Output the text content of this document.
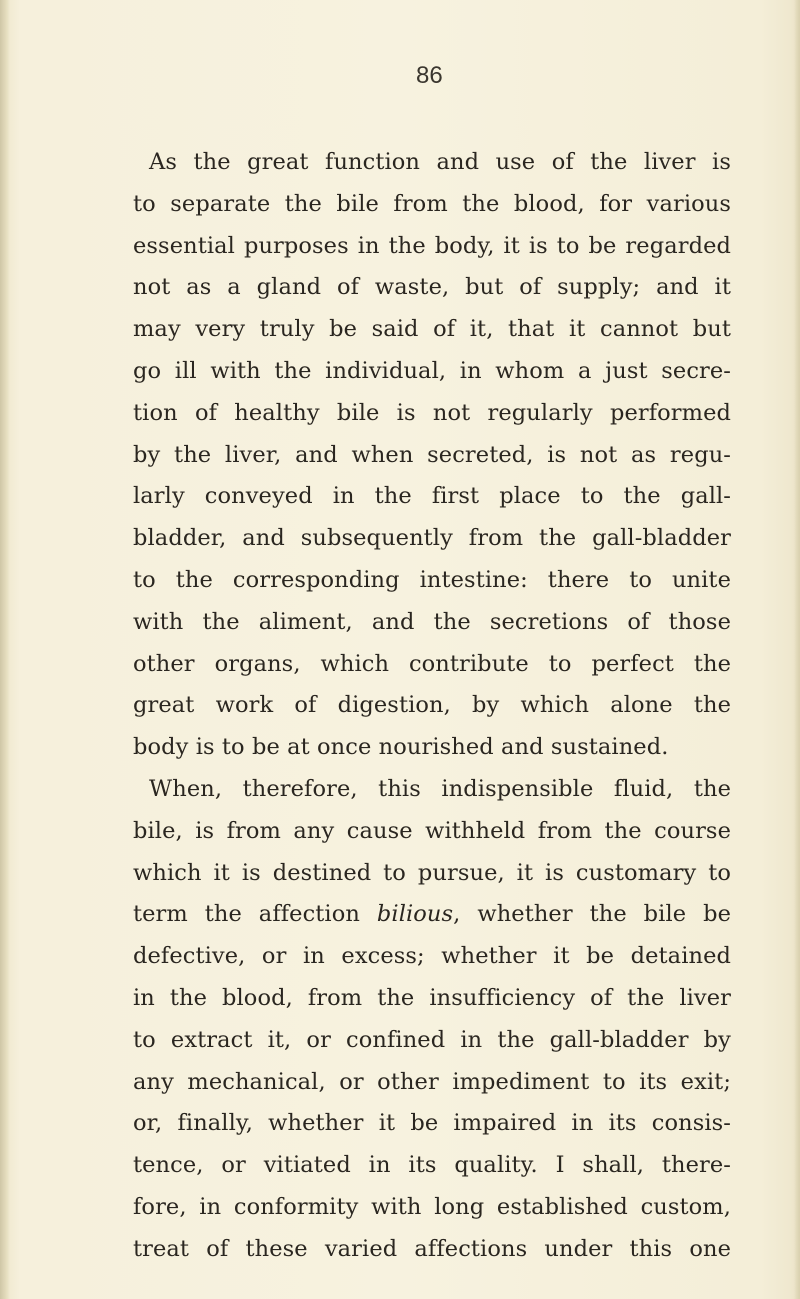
86
As the great function and use of the liver is
to separate the bile from the blood, for various
essential purposes in the body, it is to be regarded
not as a gland of waste, but of supply; and it
may very truly be said of it, that it cannot but
go ill with the individual, in whom a just secre-
tion of healthy bile is not regularly performed
by the liver, and when secreted, is not as regu-
larly conveyed in the first place to the gall-
bladder, and subsequently from the gall-bladder
to the corresponding intestine: there to unite
with the aliment, and the secretions of those
other organs, which contribute to perfect the
great work of digestion, by which alone the
body is to be at once nourished and sustained.
When, therefore, this indispensible fluid, the
bile, is from any cause withheld from the course
which it is destined to pursue, it is customary to
term the affection bilious, whether the bile be
defective, or in excess; whether it be detained
in the blood, from the insufficiency of the liver
to extract it, or confined in the gall-bladder by
any mechanical, or other impediment to its exit;
or, finally, whether it be impaired in its consis-
tence, or vitiated in its quality. I shall, there-
fore, in conformity with long established custom,
treat of these varied affections under this one
